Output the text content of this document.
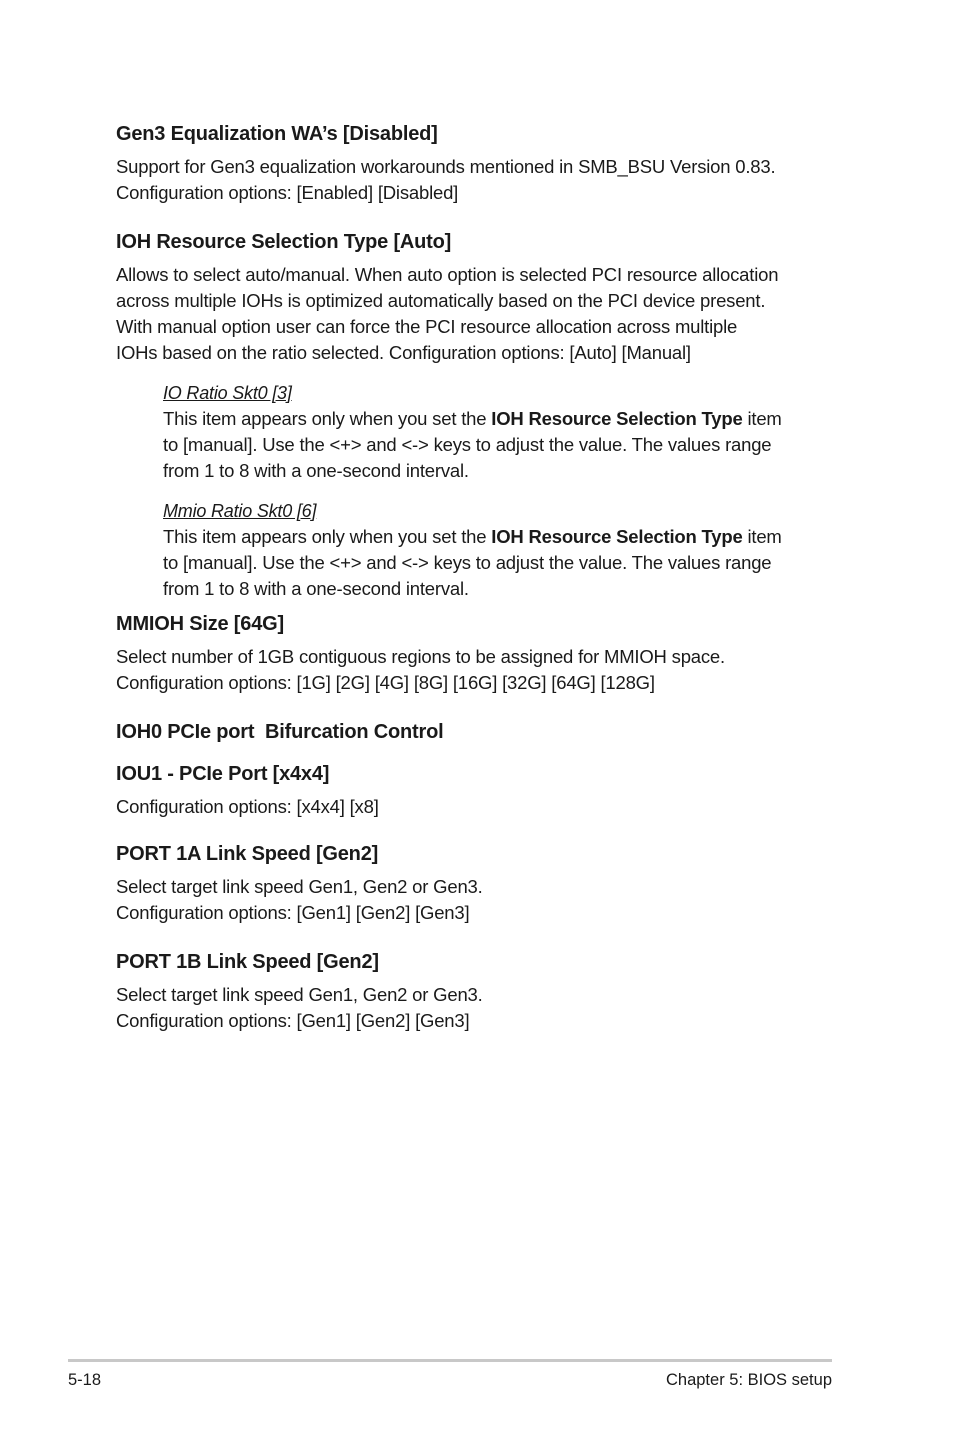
Gen3 Equalization WA’s [Disabled]

Support for Gen3 equalization workarounds mentioned in SMB_BSU Version 0.83.

Configuration options: [Enabled] [Disabled]

IOH Resource Selection Type [Auto]

Allows to select auto/manual. When auto option is selected PCI resource allocation

across multiple IOHs is optimized automatically based on the PCI device present.

With manual option user can force the PCI resource allocation across multiple

IOHs based on the ratio selected. Configuration options: [Auto] [Manual]

IO Ratio Skt0 [3]

This item appears only when you set the IOH Resource Selection Type item

to [manual]. Use the <+> and <-> keys to adjust the value. The values range

from 1 to 8 with a one-second interval.

Mmio Ratio Skt0 [6]

This item appears only when you set the IOH Resource Selection Type item

to [manual]. Use the <+> and <-> keys to adjust the value. The values range

from 1 to 8 with a one-second interval.

MMIOH Size [64G]

Select number of 1GB contiguous regions to be assigned for MMIOH space.

Configuration options: [1G] [2G] [4G] [8G] [16G] [32G] [64G] [128G]

IOH0 PCIe port  Bifurcation Control

IOU1 - PCIe Port [x4x4]

Configuration options: [x4x4] [x8]

PORT 1A Link Speed [Gen2]

Select target link speed Gen1, Gen2 or Gen3.

Configuration options: [Gen1] [Gen2] [Gen3]

PORT 1B Link Speed [Gen2]

Select target link speed Gen1, Gen2 or Gen3.

Configuration options: [Gen1] [Gen2] [Gen3]

5-18	Chapter 5: BIOS setup
